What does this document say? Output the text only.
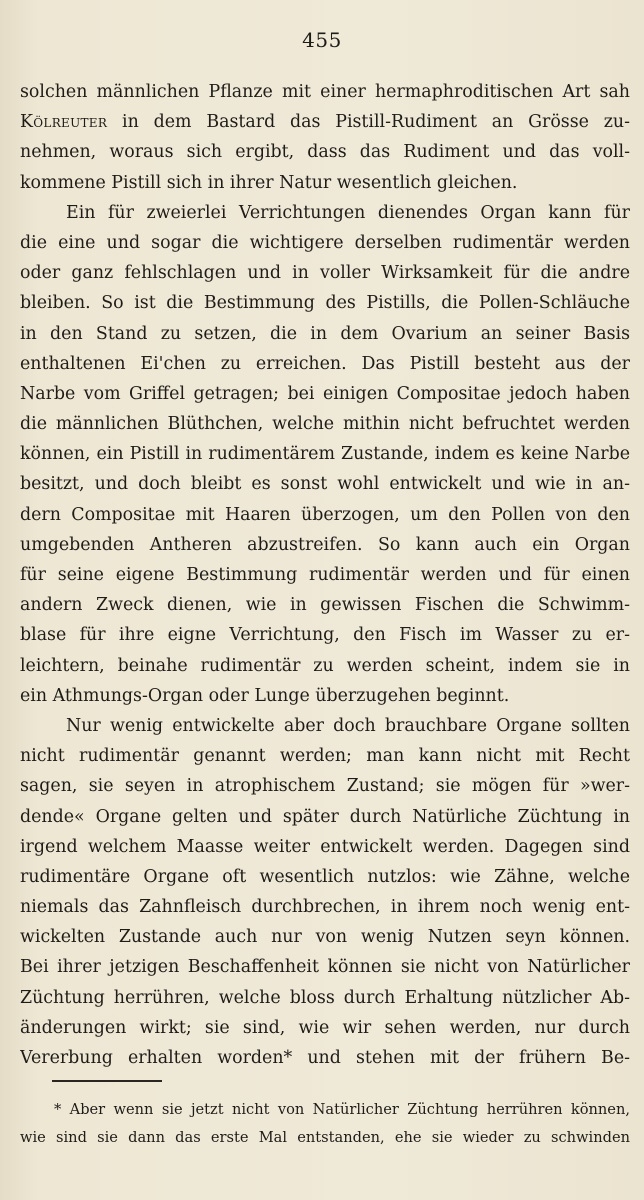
455
solchen männlichen Pflanze mit einer hermaphroditischen Art sah
Kölreuter in dem Bastard das Pistill-Rudiment an Grösse zu-
nehmen, woraus sich ergibt, dass das Rudiment und das voll-
kommene Pistill sich in ihrer Natur wesentlich gleichen.
Ein für zweierlei Verrichtungen dienendes Organ kann für
die eine und sogar die wichtigere derselben rudimentär werden
oder ganz fehlschlagen und in voller Wirksamkeit für die andre
bleiben. So ist die Bestimmung des Pistills, die Pollen-Schläuche
in den Stand zu setzen, die in dem Ovarium an seiner Basis
enthaltenen Ei'chen zu erreichen. Das Pistill besteht aus der
Narbe vom Griffel getragen; bei einigen Compositae jedoch haben
die männlichen Blüthchen, welche mithin nicht befruchtet werden
können, ein Pistill in rudimentärem Zustande, indem es keine Narbe
besitzt, und doch bleibt es sonst wohl entwickelt und wie in an-
dern Compositae mit Haaren überzogen, um den Pollen von den
umgebenden Antheren abzustreifen. So kann auch ein Organ
für seine eigene Bestimmung rudimentär werden und für einen
andern Zweck dienen, wie in gewissen Fischen die Schwimm-
blase für ihre eigne Verrichtung, den Fisch im Wasser zu er-
leichtern, beinahe rudimentär zu werden scheint, indem sie in
ein Athmungs-Organ oder Lunge überzugehen beginnt.
Nur wenig entwickelte aber doch brauchbare Organe sollten
nicht rudimentär genannt werden; man kann nicht mit Recht
sagen, sie seyen in atrophischem Zustand; sie mögen für »wer-
dende« Organe gelten und später durch Natürliche Züchtung in
irgend welchem Maasse weiter entwickelt werden. Dagegen sind
rudimentäre Organe oft wesentlich nutzlos: wie Zähne, welche
niemals das Zahnfleisch durchbrechen, in ihrem noch wenig ent-
wickelten Zustande auch nur von wenig Nutzen seyn können.
Bei ihrer jetzigen Beschaffenheit können sie nicht von Natürlicher
Züchtung herrühren, welche bloss durch Erhaltung nützlicher Ab-
änderungen wirkt; sie sind, wie wir sehen werden, nur durch
Vererbung erhalten worden* und stehen mit der frühern Be-
* Aber wenn sie jetzt nicht von Natürlicher Züchtung herrühren können,
wie sind sie dann das erste Mal entstanden, ehe sie wieder zu schwinden
